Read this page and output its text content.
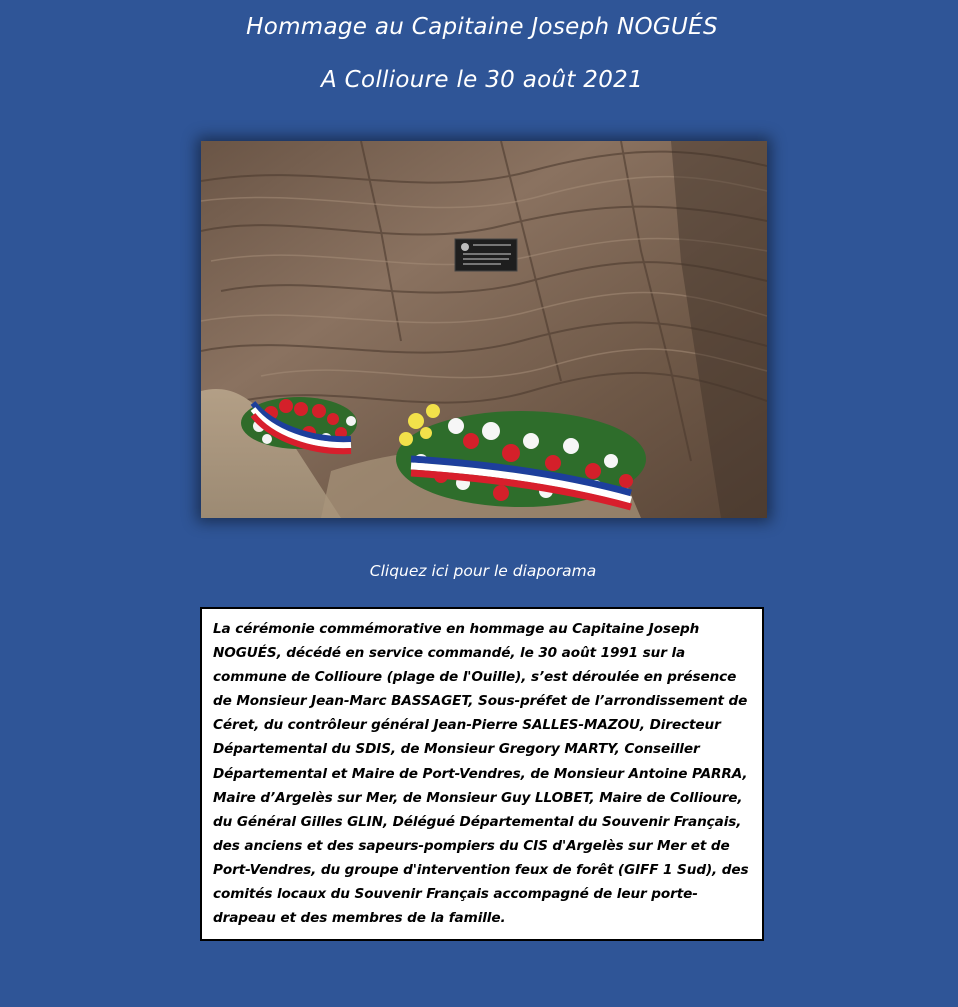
Hommage au Capitaine Joseph NOGUÉS
A Collioure le 30 août 2021
Cliquez ici pour le diaporama

La cérémonie commémorative en hommage au Capitaine Joseph NOGUÉS, décédé en service commandé, le 30 août 1991 sur la commune de Collioure (plage de l'Ouille), s’est déroulée en présence de Monsieur Jean-Marc BASSAGET, Sous-préfet de l’arrondissement de Céret, du contrôleur général Jean-Pierre SALLES-MAZOU, Directeur Départemental du SDIS, de Monsieur Gregory MARTY, Conseiller Départemental et Maire de Port-Vendres, de Monsieur Antoine PARRA, Maire d’Argelès sur Mer, de Monsieur Guy LLOBET, Maire de Collioure, du Général Gilles GLIN, Délégué Départemental du Souvenir Français, des anciens et des sapeurs-pompiers du CIS d'Argelès sur Mer et de Port-Vendres, du groupe d'intervention feux de forêt (GIFF 1 Sud), des comités locaux du Souvenir Français accompagné de leur porte-drapeau et des membres de la famille.
